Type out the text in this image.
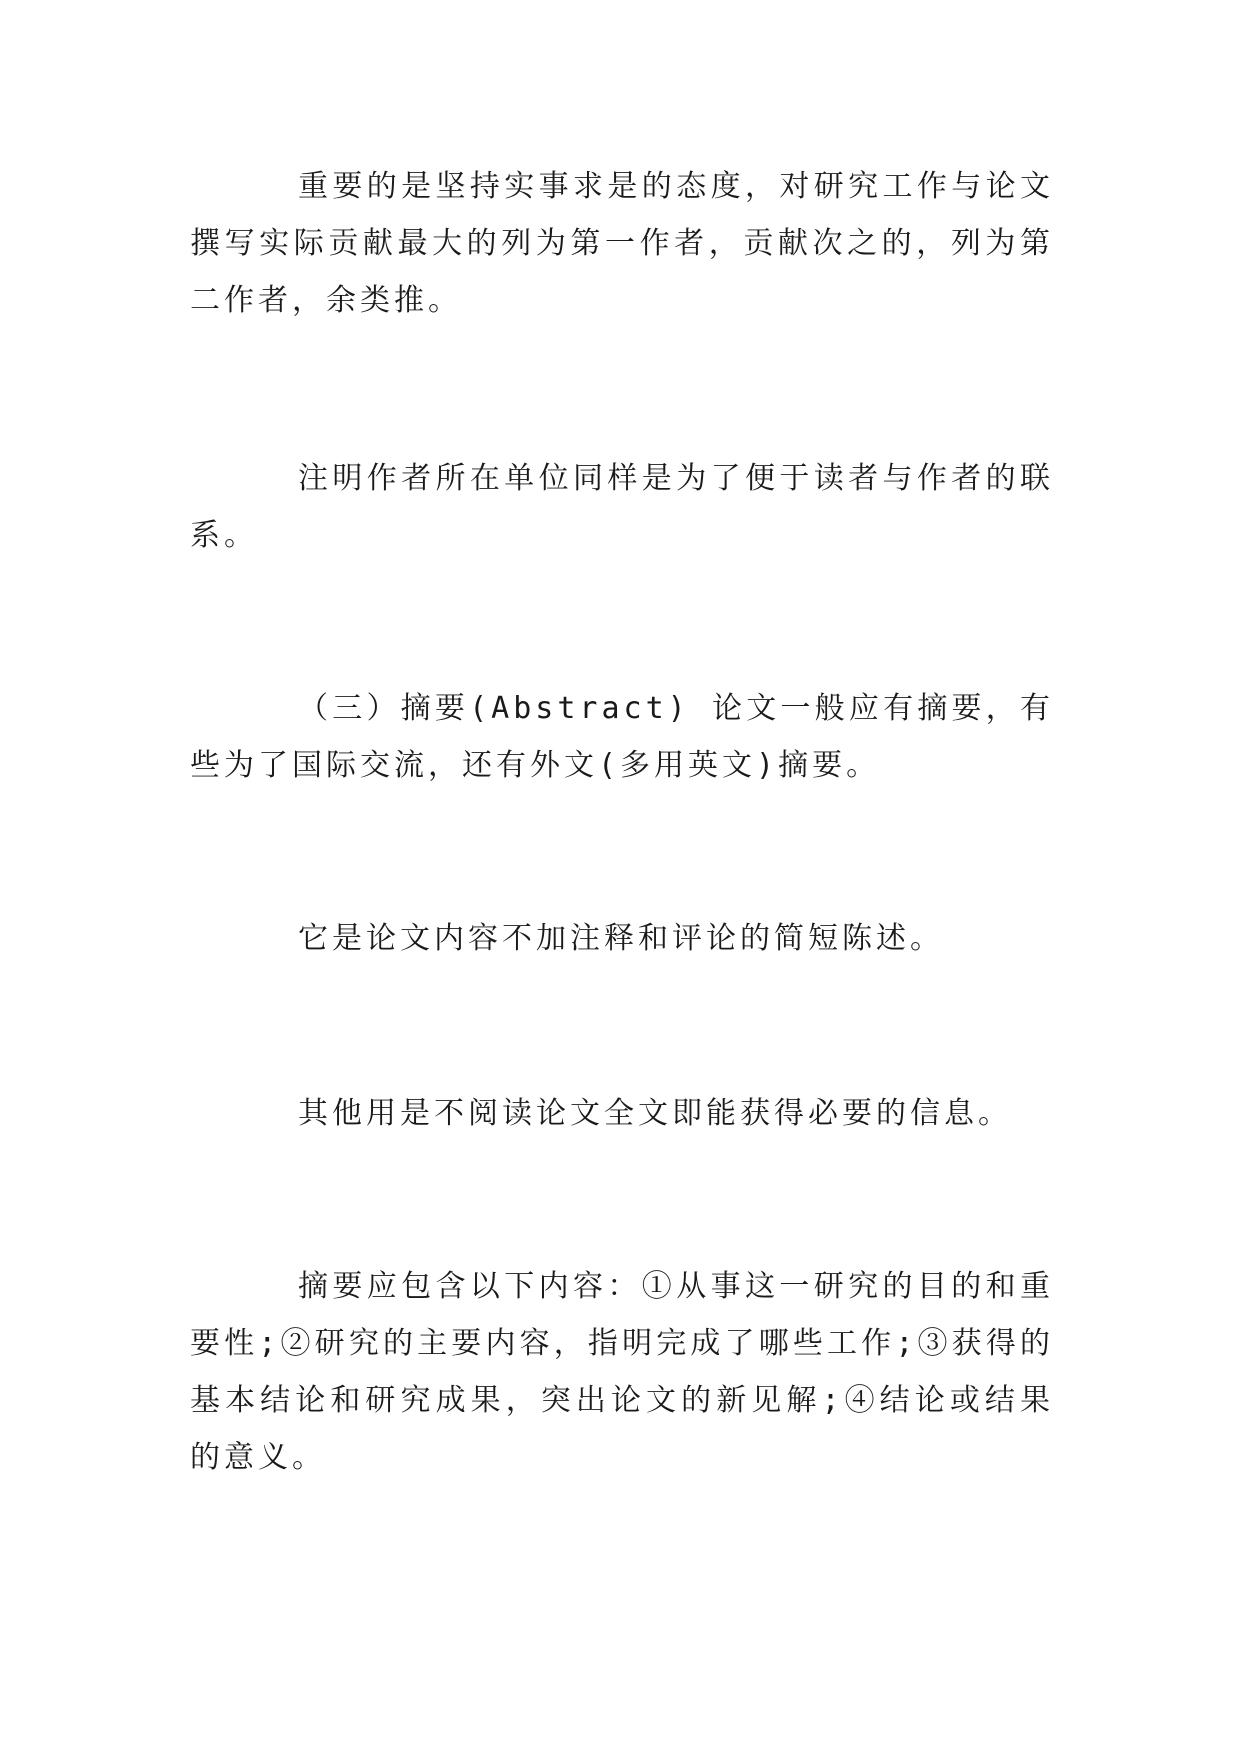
重要的是坚持实事求是的态度，对研究工作与论文撰写实际贡献最大的列为第一作者，贡献次之的，列为第二作者，余类推。

注明作者所在单位同样是为了便于读者与作者的联系。

（三）摘要(Abstract) 论文一般应有摘要，有些为了国际交流，还有外文(多用英文)摘要。

它是论文内容不加注释和评论的简短陈述。

其他用是不阅读论文全文即能获得必要的信息。

摘要应包含以下内容：①从事这一研究的目的和重要性;②研究的主要内容，指明完成了哪些工作;③获得的基本结论和研究成果，突出论文的新见解;④结论或结果的意义。
